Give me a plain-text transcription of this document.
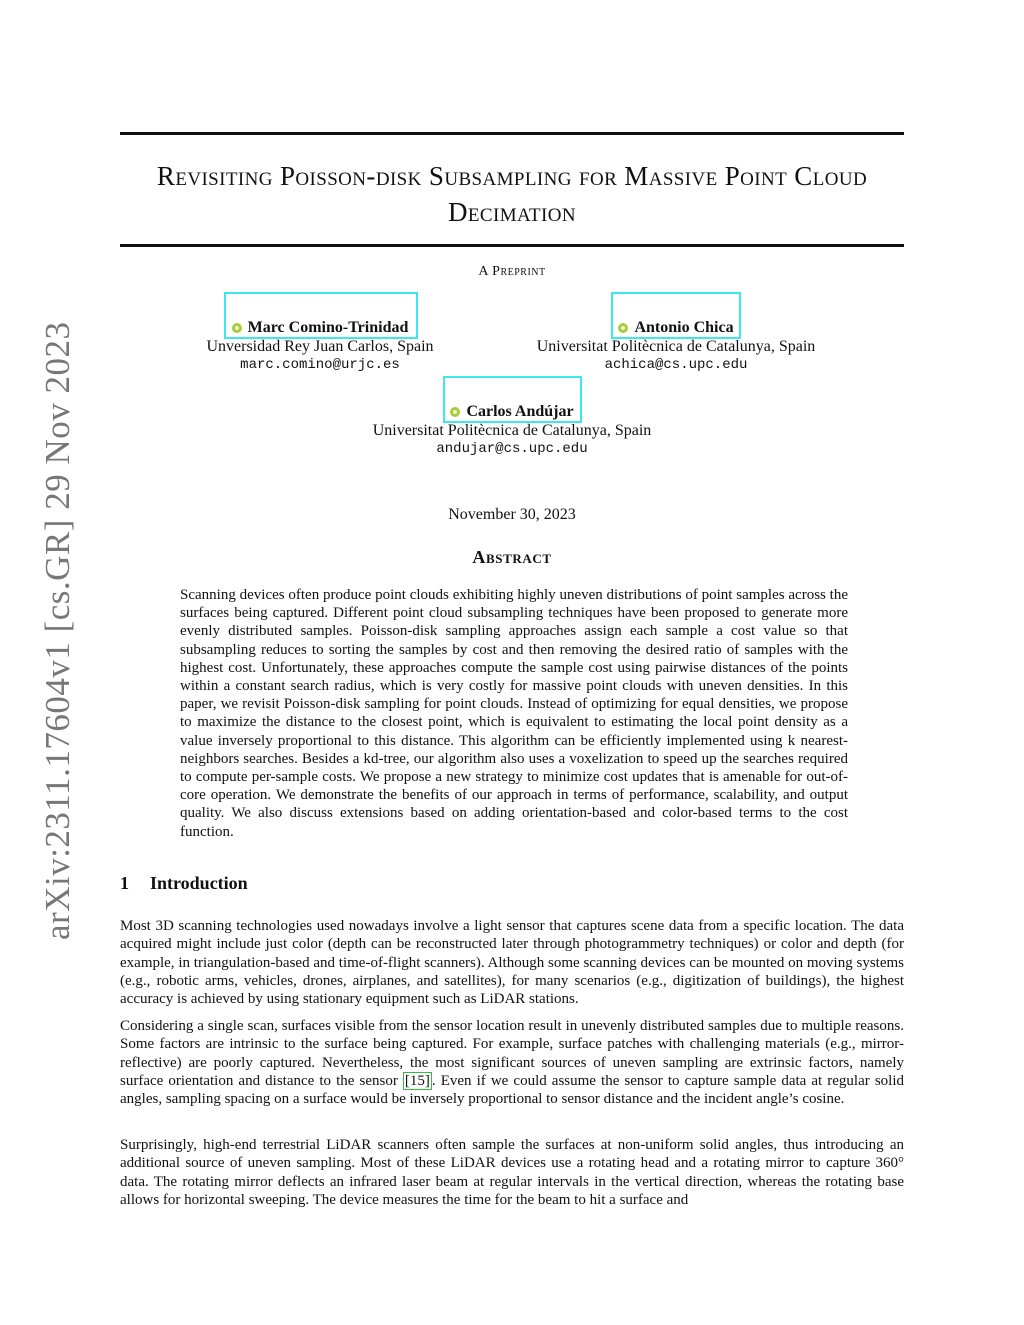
arXiv:2311.17604v1 [cs.GR] 29 Nov 2023
Revisiting Poisson-disk Subsampling for Massive Point Cloud Decimation
A Preprint
Marc Comino-Trinidad
Unversidad Rey Juan Carlos, Spain
marc.comino@urjc.es
Antonio Chica
Universitat Politècnica de Catalunya, Spain
achica@cs.upc.edu
Carlos Andújar
Universitat Politècnica de Catalunya, Spain
andujar@cs.upc.edu
November 30, 2023
Abstract
Scanning devices often produce point clouds exhibiting highly uneven distributions of point samples across the surfaces being captured. Different point cloud subsampling techniques have been proposed to generate more evenly distributed samples. Poisson-disk sampling approaches assign each sample a cost value so that subsampling reduces to sorting the samples by cost and then removing the desired ratio of samples with the highest cost. Unfortunately, these approaches compute the sample cost using pairwise distances of the points within a constant search radius, which is very costly for massive point clouds with uneven densities. In this paper, we revisit Poisson-disk sampling for point clouds. Instead of optimizing for equal densities, we propose to maximize the distance to the closest point, which is equivalent to estimating the local point density as a value inversely proportional to this distance. This algorithm can be efficiently implemented using k nearest-neighbors searches. Besides a kd-tree, our algorithm also uses a voxelization to speed up the searches required to compute per-sample costs. We propose a new strategy to minimize cost updates that is amenable for out-of-core operation. We demonstrate the benefits of our approach in terms of performance, scalability, and output quality. We also discuss extensions based on adding orientation-based and color-based terms to the cost function.
1 Introduction
Most 3D scanning technologies used nowadays involve a light sensor that captures scene data from a specific location. The data acquired might include just color (depth can be reconstructed later through photogrammetry techniques) or color and depth (for example, in triangulation-based and time-of-flight scanners). Although some scanning devices can be mounted on moving systems (e.g., robotic arms, vehicles, drones, airplanes, and satellites), for many scenarios (e.g., digitization of buildings), the highest accuracy is achieved by using stationary equipment such as LiDAR stations.
Considering a single scan, surfaces visible from the sensor location result in unevenly distributed samples due to multiple reasons. Some factors are intrinsic to the surface being captured. For example, surface patches with challenging materials (e.g., mirror-reflective) are poorly captured. Nevertheless, the most significant sources of uneven sampling are extrinsic factors, namely surface orientation and distance to the sensor [15] . Even if we could assume the sensor to capture sample data at regular solid angles, sampling spacing on a surface would be inversely proportional to sensor distance and the incident angle’s cosine.
Surprisingly, high-end terrestrial LiDAR scanners often sample the surfaces at non-uniform solid angles, thus introducing an additional source of uneven sampling. Most of these LiDAR devices use a rotating head and a rotating mirror to capture 360° data. The rotating mirror deflects an infrared laser beam at regular intervals in the vertical direction, whereas the rotating base allows for horizontal sweeping. The device measures the time for the beam to hit a surface and
